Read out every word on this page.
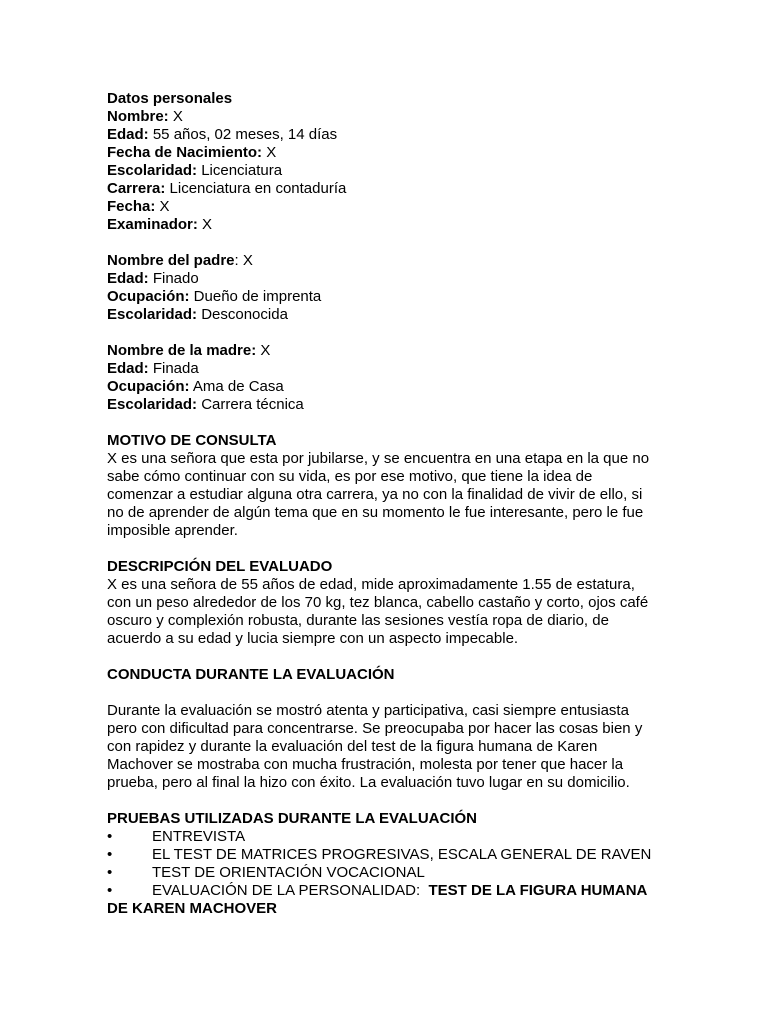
Datos personales
Nombre: X
Edad: 55 años, 02 meses, 14 días
Fecha de Nacimiento: X
Escolaridad: Licenciatura
Carrera: Licenciatura en contaduría
Fecha: X
Examinador: X
Nombre del padre: X
Edad: Finado
Ocupación: Dueño de imprenta
Escolaridad: Desconocida
Nombre de la madre: X
Edad: Finada
Ocupación: Ama de Casa
Escolaridad: Carrera técnica
MOTIVO DE CONSULTA
X es una señora que esta por jubilarse, y se encuentra en una etapa en la que no
sabe cómo continuar con su vida, es por ese motivo, que tiene la idea de
comenzar a estudiar alguna otra carrera, ya no con la finalidad de vivir de ello, si
no de aprender de algún tema que en su momento le fue interesante, pero le fue
imposible aprender.
DESCRIPCIÓN DEL EVALUADO
X es una señora de 55 años de edad, mide aproximadamente 1.55 de estatura,
con un peso alrededor de los 70 kg, tez blanca, cabello castaño y corto, ojos café
oscuro y complexión robusta, durante las sesiones vestía ropa de diario, de
acuerdo a su edad y lucia siempre con un aspecto impecable.
CONDUCTA DURANTE LA EVALUACIÓN
Durante la evaluación se mostró atenta y participativa, casi siempre entusiasta
pero con dificultad para concentrarse. Se preocupaba por hacer las cosas bien y
con rapidez y durante la evaluación del test de la figura humana de Karen
Machover se mostraba con mucha frustración, molesta por tener que hacer la
prueba, pero al final la hizo con éxito. La evaluación tuvo lugar en su domicilio.
PRUEBAS UTILIZADAS DURANTE LA EVALUACIÓN
•	ENTREVISTA
•	EL TEST DE MATRICES PROGRESIVAS, ESCALA GENERAL DE RAVEN
•	TEST DE ORIENTACIÓN VOCACIONAL
•	EVALUACIÓN DE LA PERSONALIDAD:  TEST DE LA FIGURA HUMANA
DE KAREN MACHOVER
